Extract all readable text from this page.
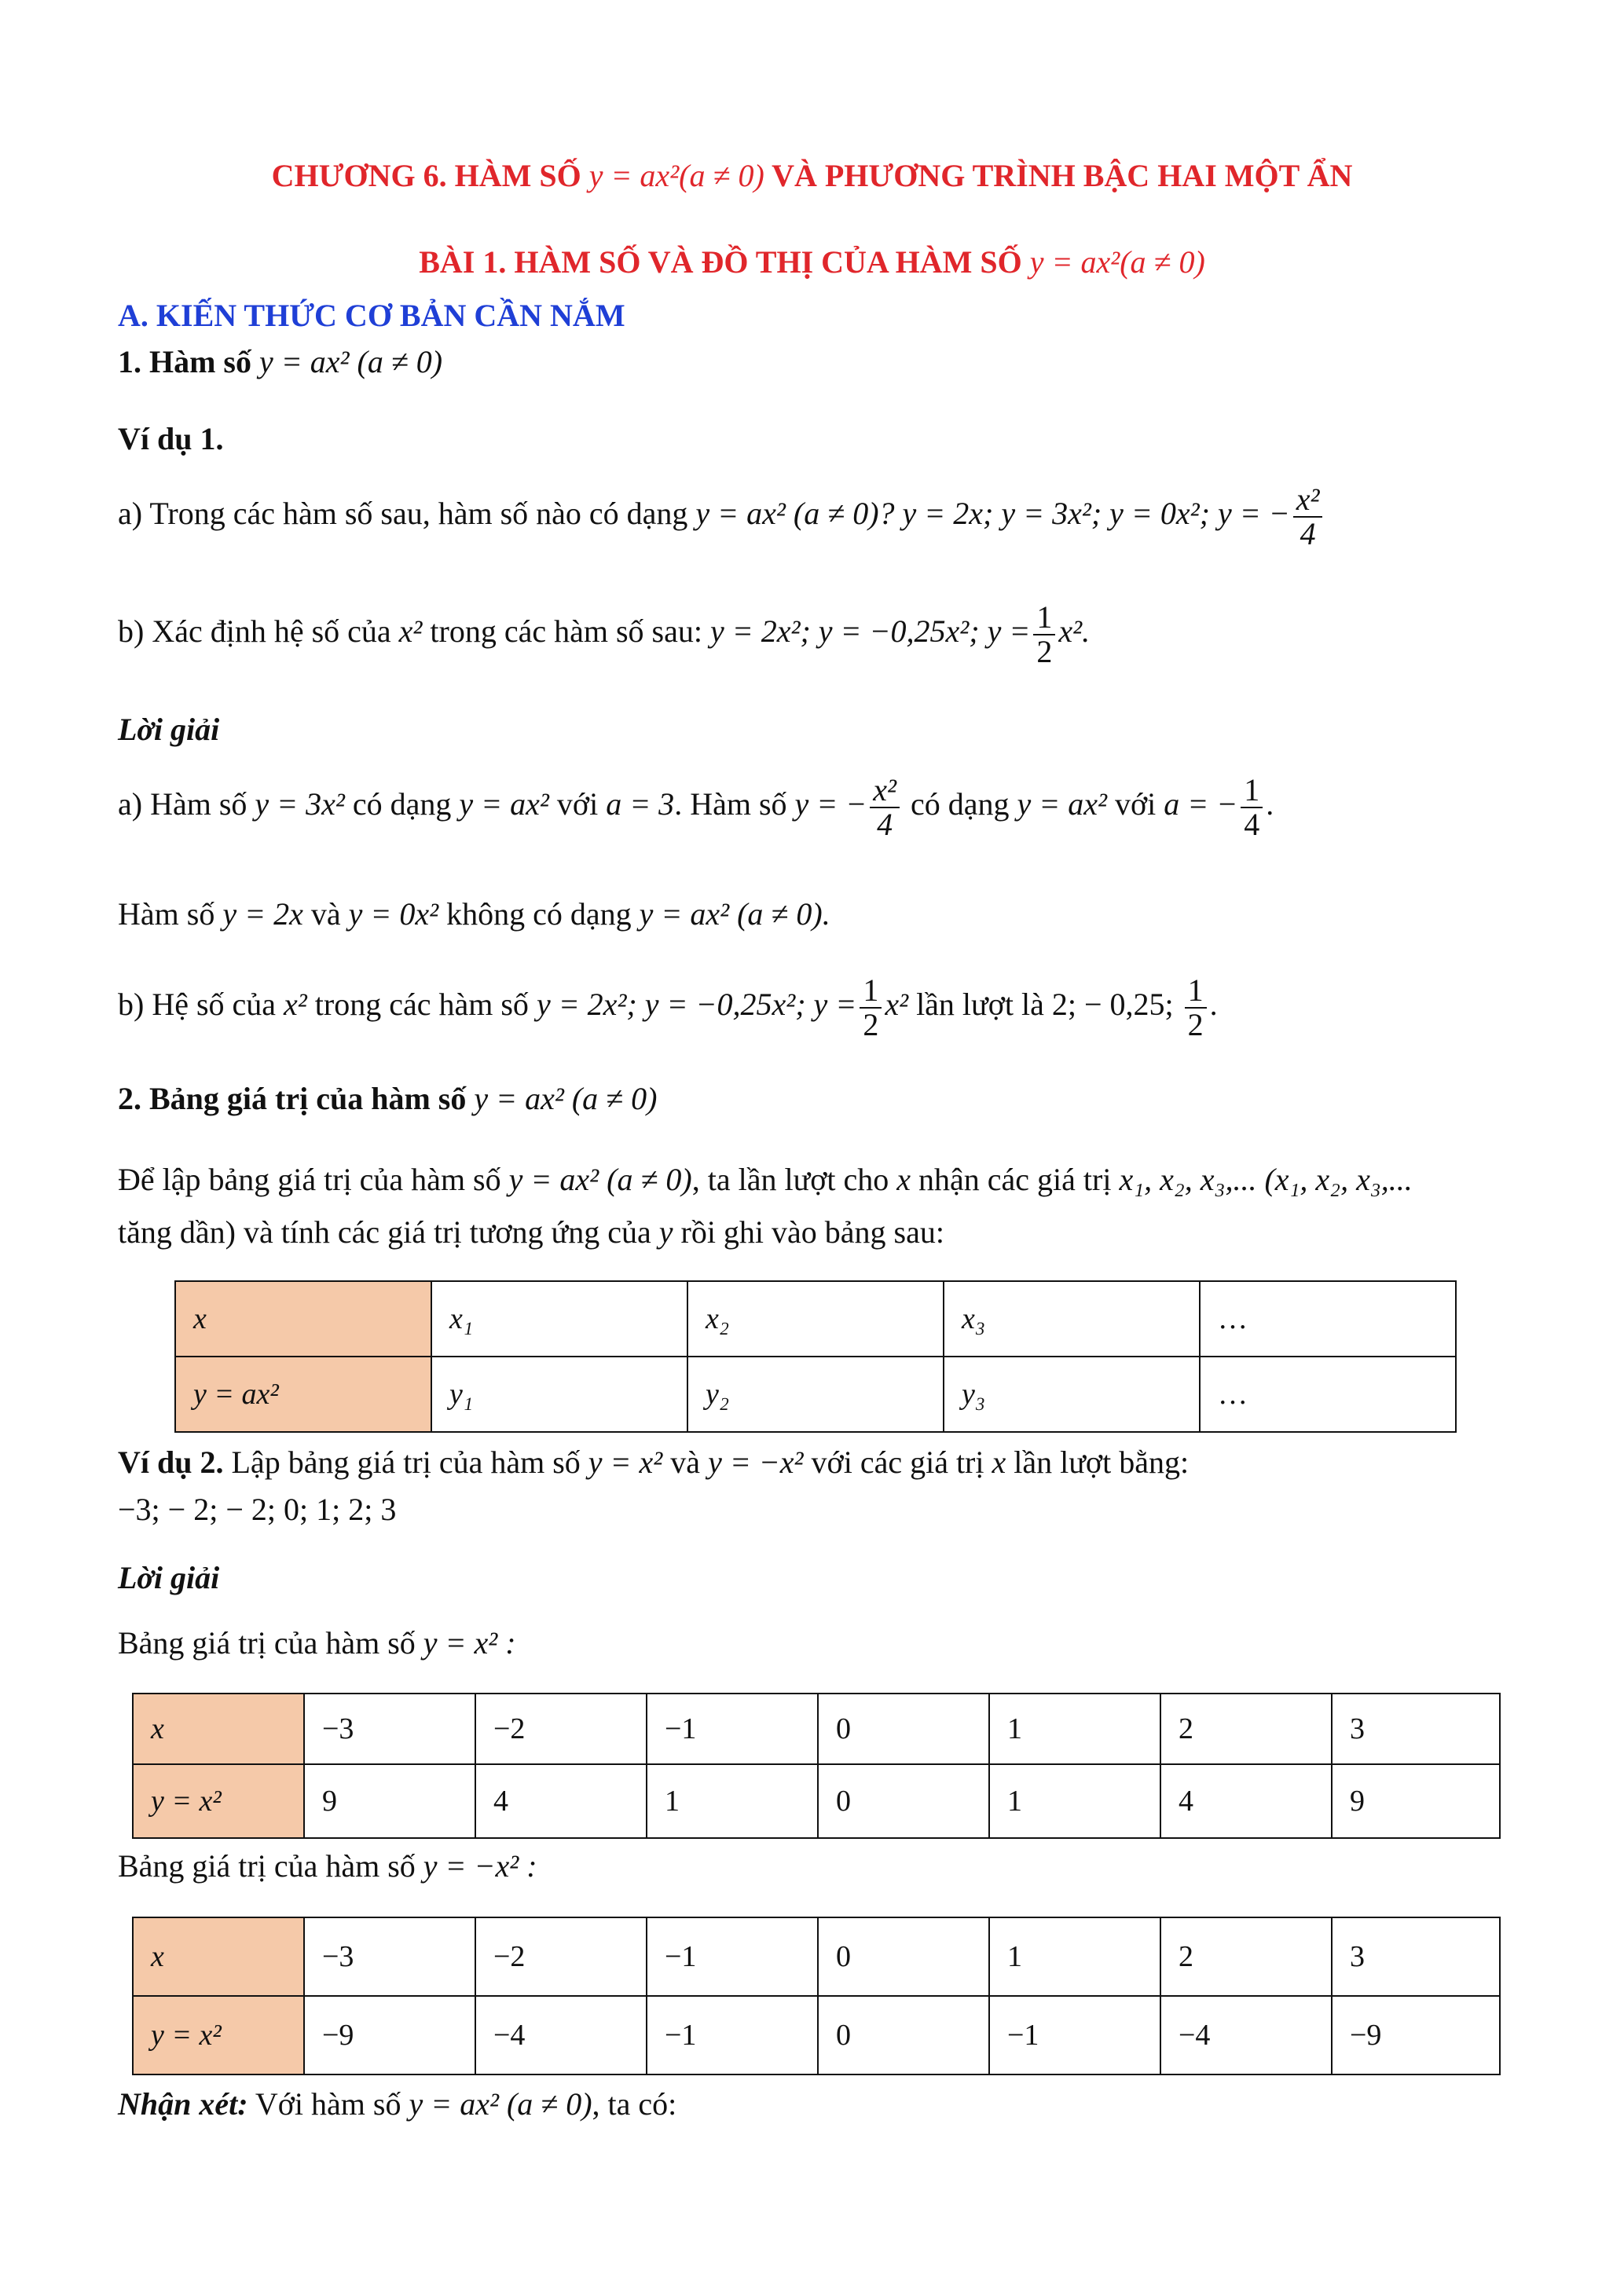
CHƯƠNG 6. HÀM SỐ y = ax²(a ≠ 0) VÀ PHƯƠNG TRÌNH BẬC HAI MỘT ẨN
BÀI 1. HÀM SỐ VÀ ĐỒ THỊ CỦA HÀM SỐ y = ax²(a ≠ 0)
A. KIẾN THỨC CƠ BẢN CẦN NẮM
1. Hàm số y = ax² (a ≠ 0)
Ví dụ 1.
a) Trong các hàm số sau, hàm số nào có dạng y = ax² (a ≠ 0)? y = 2x; y = 3x²; y = 0x²; y = − $\frac{\text{x²}}{4}$
b) Xác định hệ số của x² trong các hàm số sau: y = 2x²; y = −0,25x²; $y = \frac{1}{2} x^2$.
Lời giải
a) Hàm số y = 3x² có dạng y = ax² với a = 3. Hàm số y = − $\frac{\text{x²}}{4}$ có dạng y = ax² với a = − $\frac{1}{4}$ .
Hàm số y = 2x và y = 0x² không có dạng y = ax² (a ≠ 0).
b) Hệ số của x² trong các hàm số y = 2x²; y = −0,25x²; $y = \frac{1}{2} x^2$ lần lượt là 2; − 0,25; $\frac{1}{2}$ .
2. Bảng giá trị của hàm số y = ax² (a ≠ 0)
Để lập bảng giá trị của hàm số y = ax² (a ≠ 0), ta lần lượt cho x nhận các giá trị x₁, x₂, x₃,... (x₁, x₂, x₃,...
tăng dần) và tính các giá trị tương ứng của y rồi ghi vào bảng sau:
x	x₁	x₂	x₃	…
y = ax²	y₁	y₂	y₃	…
Ví dụ 2. Lập bảng giá trị của hàm số y = x² và y = −x² với các giá trị x lần lượt bằng:
−3; − 2; − 2; 0; 1; 2; 3
Lời giải
Bảng giá trị của hàm số y = x² :
x	−3	−2	−1	0	1	2	3
y = x²	9	4	1	0	1	4	9
Bảng giá trị của hàm số y = −x² :
x	−3	−2	−1	0	1	2	3
y = x²	−9	−4	−1	0	−1	−4	−9
Nhận xét: Với hàm số y = ax² (a ≠ 0), ta có:
